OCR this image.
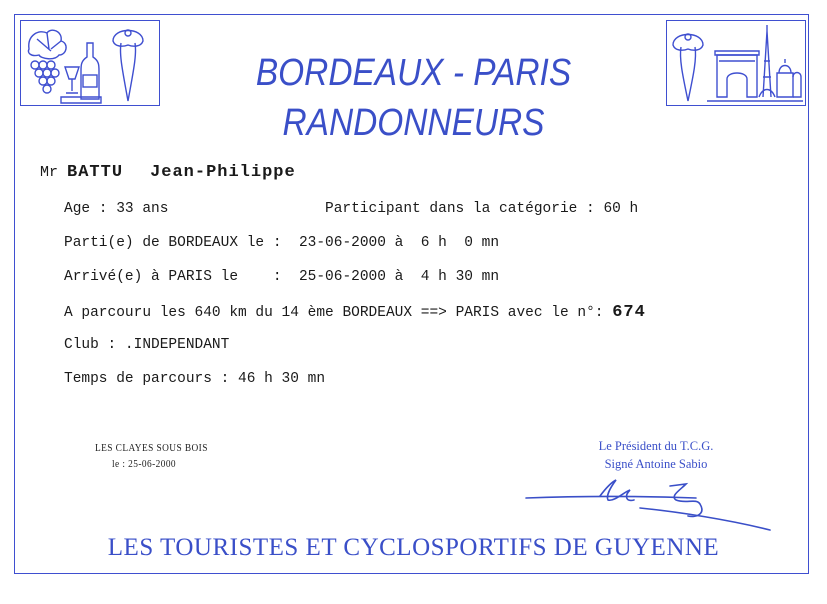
BORDEAUX - PARIS
RANDONNEURS
Mr BATTU Jean-Philippe
Age : 33 ans	Participant dans la catégorie : 60 h
Parti(e) de BORDEAUX le :  23-06-2000 à  6 h  0 mn
Arrivé(e) à PARIS le    :  25-06-2000 à  4 h 30 mn
A parcouru les 640 km du 14 ème BORDEAUX ==> PARIS avec le n°: 674
Club : .INDEPENDANT
Temps de parcours : 46 h 30 mn
LES CLAYES SOUS BOIS
le : 25-06-2000
Le Président du T.C.G.
Signé Antoine Sabio
LES TOURISTES ET CYCLOSPORTIFS DE GUYENNE
